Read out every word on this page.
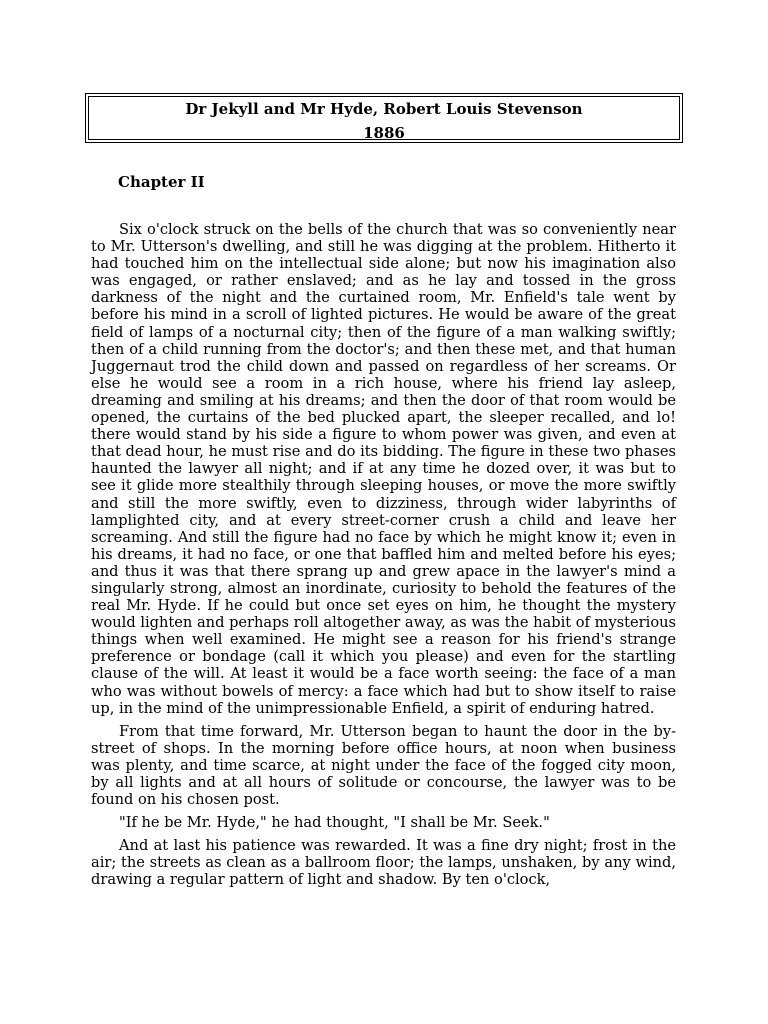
Dr Jekyll and Mr Hyde, Robert Louis Stevenson
1886
Chapter II

Six o'clock struck on the bells of the church that was so conveniently near to Mr. Utterson's dwelling, and still he was digging at the problem. Hitherto it had touched him on the intellectual side alone; but now his imagination also was engaged, or rather enslaved; and as he lay and tossed in the gross darkness of the night and the curtained room, Mr. Enfield's tale went by before his mind in a scroll of lighted pictures. He would be aware of the great field of lamps of a nocturnal city; then of the figure of a man walking swiftly; then of a child running from the doctor's; and then these met, and that human Juggernaut trod the child down and passed on regardless of her screams. Or else he would see a room in a rich house, where his friend lay asleep, dreaming and smiling at his dreams; and then the door of that room would be opened, the curtains of the bed plucked apart, the sleeper recalled, and lo! there would stand by his side a figure to whom power was given, and even at that dead hour, he must rise and do its bidding. The figure in these two phases haunted the lawyer all night; and if at any time he dozed over, it was but to see it glide more stealthily through sleeping houses, or move the more swiftly and still the more swiftly, even to dizziness, through wider labyrinths of lamplighted city, and at every street-corner crush a child and leave her screaming. And still the figure had no face by which he might know it; even in his dreams, it had no face, or one that baffled him and melted before his eyes; and thus it was that there sprang up and grew apace in the lawyer's mind a singularly strong, almost an inordinate, curiosity to behold the features of the real Mr. Hyde. If he could but once set eyes on him, he thought the mystery would lighten and perhaps roll altogether away, as was the habit of mysterious things when well examined. He might see a reason for his friend's strange preference or bondage (call it which you please) and even for the startling clause of the will. At least it would be a face worth seeing: the face of a man who was without bowels of mercy: a face which had but to show itself to raise up, in the mind of the unimpressionable Enfield, a spirit of enduring hatred.

From that time forward, Mr. Utterson began to haunt the door in the by-street of shops. In the morning before office hours, at noon when business was plenty, and time scarce, at night under the face of the fogged city moon, by all lights and at all hours of solitude or concourse, the lawyer was to be found on his chosen post.

"If he be Mr. Hyde," he had thought, "I shall be Mr. Seek."

And at last his patience was rewarded. It was a fine dry night; frost in the air; the streets as clean as a ballroom floor; the lamps, unshaken, by any wind, drawing a regular pattern of light and shadow. By ten o'clock,
